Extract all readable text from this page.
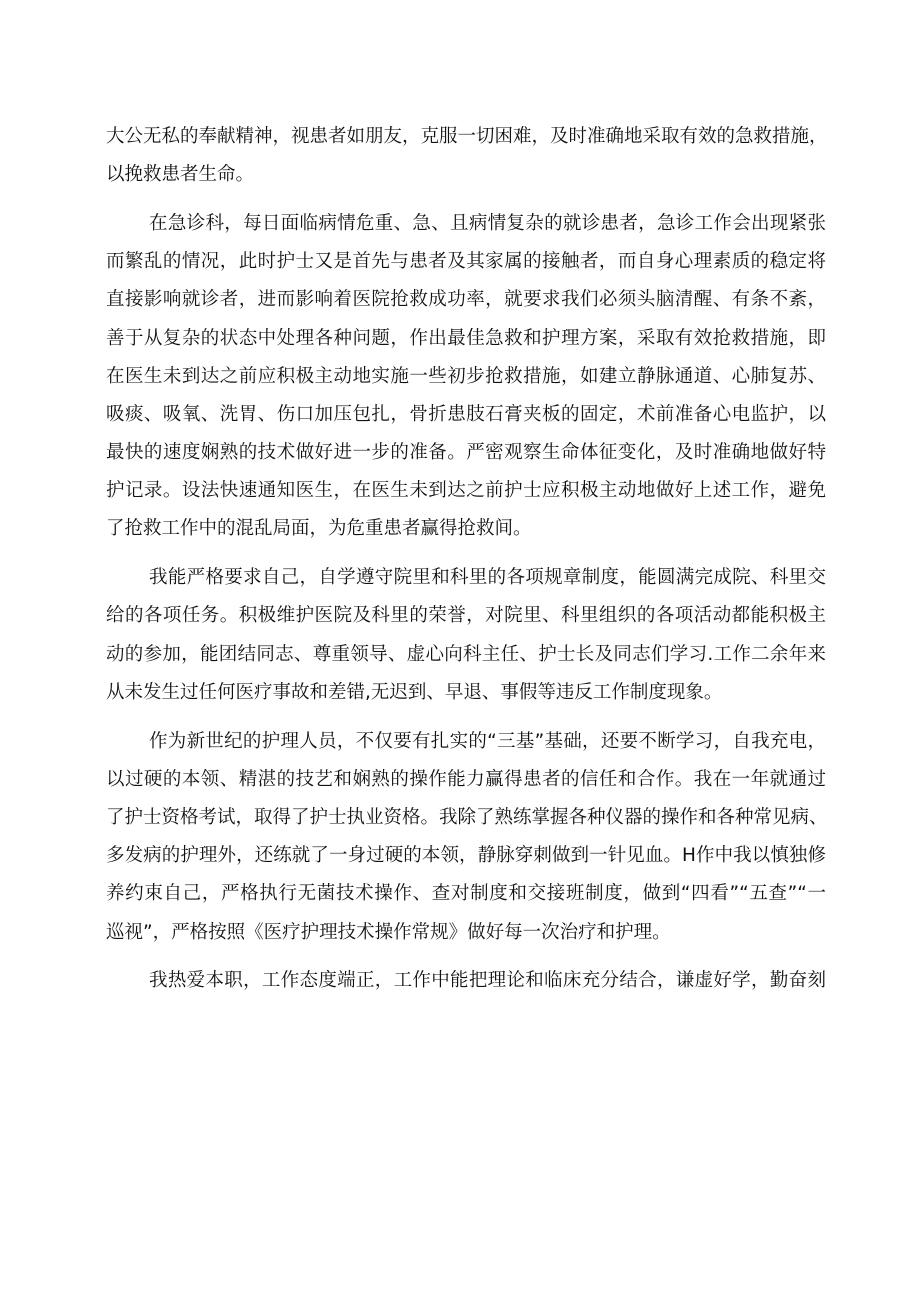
大公无私的奉献精神，视患者如朋友，克服一切困难，及时准确地采取有效的急救措施，
以挽救患者生命。
在急诊科，每日面临病情危重、急、且病情复杂的就诊患者，急诊工作会出现紧张
而繁乱的情况，此时护士又是首先与患者及其家属的接触者，而自身心理素质的稳定将
直接影响就诊者，进而影响着医院抢救成功率，就要求我们必须头脑清醒、有条不紊，
善于从复杂的状态中处理各种问题，作出最佳急救和护理方案，采取有效抢救措施，即
在医生未到达之前应积极主动地实施一些初步抢救措施，如建立静脉通道、心肺复苏、
吸痰、吸氧、洗胃、伤口加压包扎，骨折患肢石膏夹板的固定，术前准备心电监护，以
最快的速度娴熟的技术做好进一步的准备。严密观察生命体征变化，及时准确地做好特
护记录。设法快速通知医生，在医生未到达之前护士应积极主动地做好上述工作，避免
了抢救工作中的混乱局面，为危重患者赢得抢救间。
我能严格要求自己，自学遵守院里和科里的各项规章制度，能圆满完成院、科里交
给的各项任务。积极维护医院及科里的荣誉，对院里、科里组织的各项活动都能积极主
动的参加，能团结同志、尊重领导、虚心向科主任、护士长及同志们学习.工作二余年来
从未发生过任何医疗事故和差错,无迟到、早退、事假等违反工作制度现象。
作为新世纪的护理人员，不仅要有扎实的“三基”基础，还要不断学习，自我充电，
以过硬的本领、精湛的技艺和娴熟的操作能力赢得患者的信任和合作。我在一年就通过
了护士资格考试，取得了护士执业资格。我除了熟练掌握各种仪器的操作和各种常见病、
多发病的护理外，还练就了一身过硬的本领，静脉穿刺做到一针见血。H作中我以慎独修
养约束自己，严格执行无菌技术操作、查对制度和交接班制度，做到“四看”“五查”“一
巡视”，严格按照《医疗护理技术操作常规》做好每一次治疗和护理。
我热爱本职，工作态度端正，工作中能把理论和临床充分结合，谦虚好学，勤奋刻
